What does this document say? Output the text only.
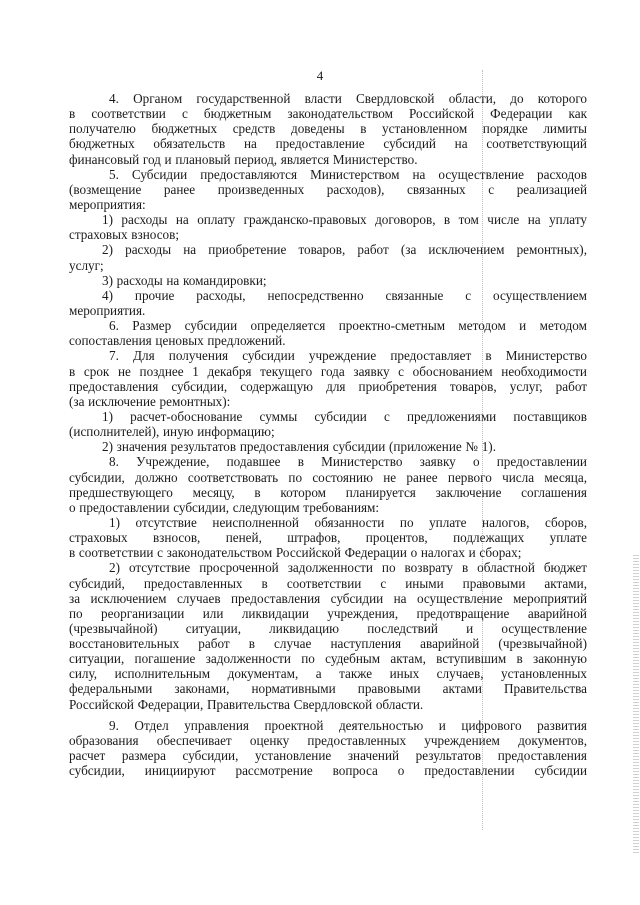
4
4. Органом государственной власти Свердловской области, до которого
в соответствии с бюджетным законодательством Российской Федерации как
получателю бюджетных средств доведены в установленном порядке лимиты
бюджетных обязательств на предоставление субсидий на соответствующий
финансовый год и плановый период, является Министерство.
5. Субсидии предоставляются Министерством на осуществление расходов
(возмещение ранее произведенных расходов), связанных с реализацией
мероприятия:
1) расходы на оплату гражданско-правовых договоров, в том числе на уплату
страховых взносов;
2) расходы на приобретение товаров, работ (за исключением ремонтных),
услуг;
3) расходы на командировки;
4) прочие расходы, непосредственно связанные с осуществлением
мероприятия.
6. Размер субсидии определяется проектно-сметным методом и методом
сопоставления ценовых предложений.
7. Для получения субсидии учреждение предоставляет в Министерство
в срок не позднее 1 декабря текущего года заявку с обоснованием необходимости
предоставления субсидии, содержащую для приобретения товаров, услуг, работ
(за исключение ремонтных):
1) расчет-обоснование суммы субсидии с предложениями поставщиков
(исполнителей), иную информацию;
2) значения результатов предоставления субсидии (приложение № 1).
8. Учреждение, подавшее в Министерство заявку о предоставлении
субсидии, должно соответствовать по состоянию не ранее первого числа месяца,
предшествующего месяцу, в котором планируется заключение соглашения
о предоставлении субсидии, следующим требованиям:
1) отсутствие неисполненной обязанности по уплате налогов, сборов,
страховых взносов, пеней, штрафов, процентов, подлежащих уплате
в соответствии с законодательством Российской Федерации о налогах и сборах;
2) отсутствие просроченной задолженности по возврату в областной бюджет
субсидий, предоставленных в соответствии с иными правовыми актами,
за исключением случаев предоставления субсидии на осуществление мероприятий
по реорганизации или ликвидации учреждения, предотвращение аварийной
(чрезвычайной) ситуации, ликвидацию последствий и осуществление
восстановительных работ в случае наступления аварийной (чрезвычайной)
ситуации, погашение задолженности по судебным актам, вступившим в законную
силу, исполнительным документам, а также иных случаев, установленных
федеральными законами, нормативными правовыми актами Правительства
Российской Федерации, Правительства Свердловской области.
9. Отдел управления проектной деятельностью и цифрового развития
образования обеспечивает оценку предоставленных учреждением документов,
расчет размера субсидии, установление значений результатов предоставления
субсидии, инициируют рассмотрение вопроса о предоставлении субсидии
